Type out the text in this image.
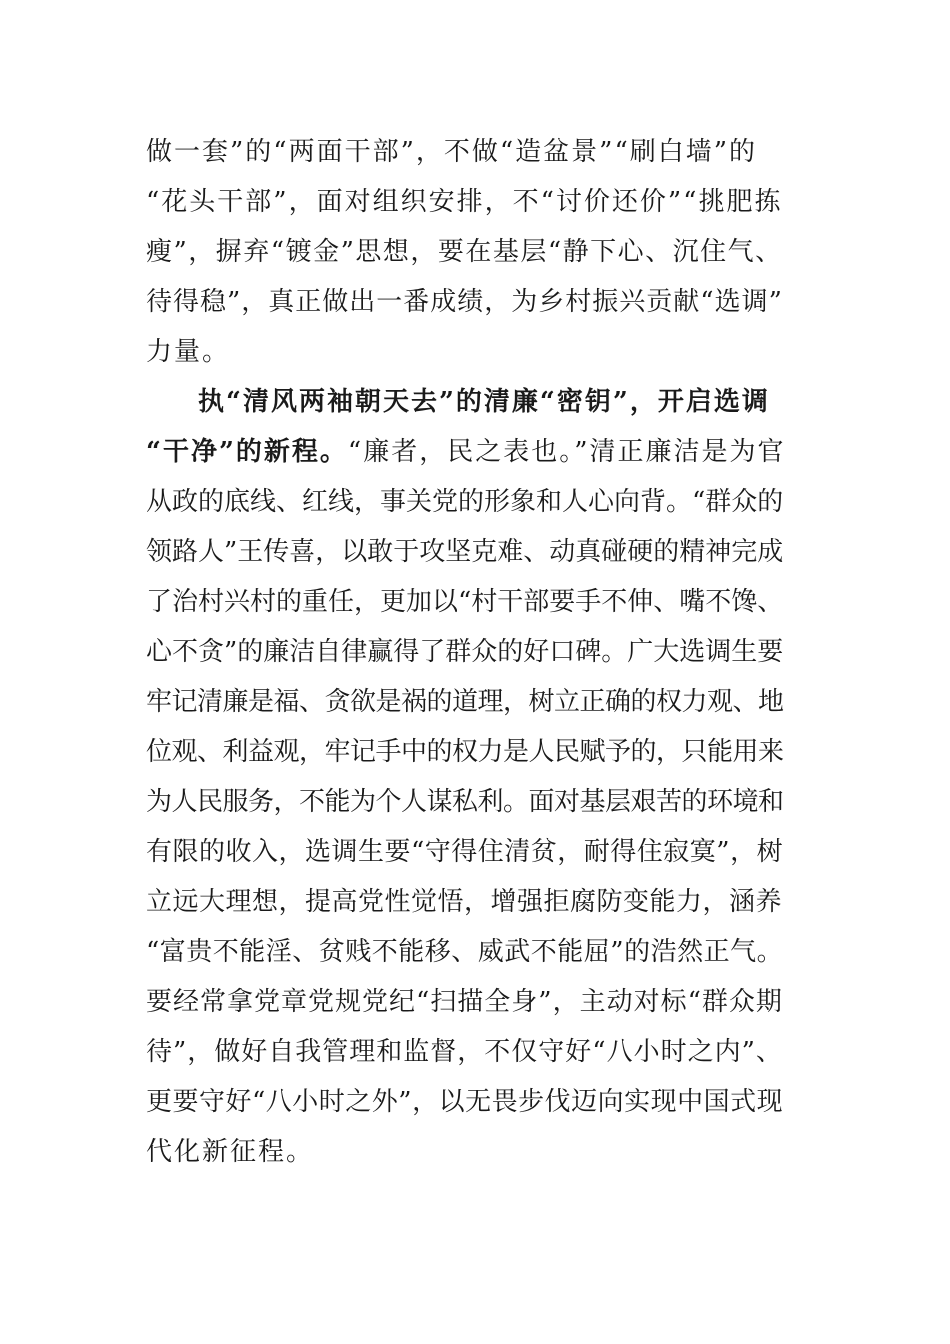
做一套”的“两面干部”，不做“造盆景”“刷白墙”的
“花头干部”，面对组织安排，不“讨价还价”“挑肥拣
瘦”，摒弃“镀金”思想，要在基层“静下心、沉住气、
待得稳”，真正做出一番成绩，为乡村振兴贡献“选调”
力量。
执“清风两袖朝天去”的清廉“密钥”，开启选调
“干净”的新程。“廉者，民之表也。”清正廉洁是为官
从政的底线、红线，事关党的形象和人心向背。“群众的
领路人”王传喜，以敢于攻坚克难、动真碰硬的精神完成
了治村兴村的重任，更加以“村干部要手不伸、嘴不馋、
心不贪”的廉洁自律赢得了群众的好口碑。广大选调生要
牢记清廉是福、贪欲是祸的道理，树立正确的权力观、地
位观、利益观，牢记手中的权力是人民赋予的，只能用来
为人民服务，不能为个人谋私利。面对基层艰苦的环境和
有限的收入，选调生要“守得住清贫，耐得住寂寞”，树
立远大理想，提高党性觉悟，增强拒腐防变能力，涵养
“富贵不能淫、贫贱不能移、威武不能屈”的浩然正气。
要经常拿党章党规党纪“扫描全身”，主动对标“群众期
待”，做好自我管理和监督，不仅守好“八小时之内”、
更要守好“八小时之外”，以无畏步伐迈向实现中国式现
代化新征程。
